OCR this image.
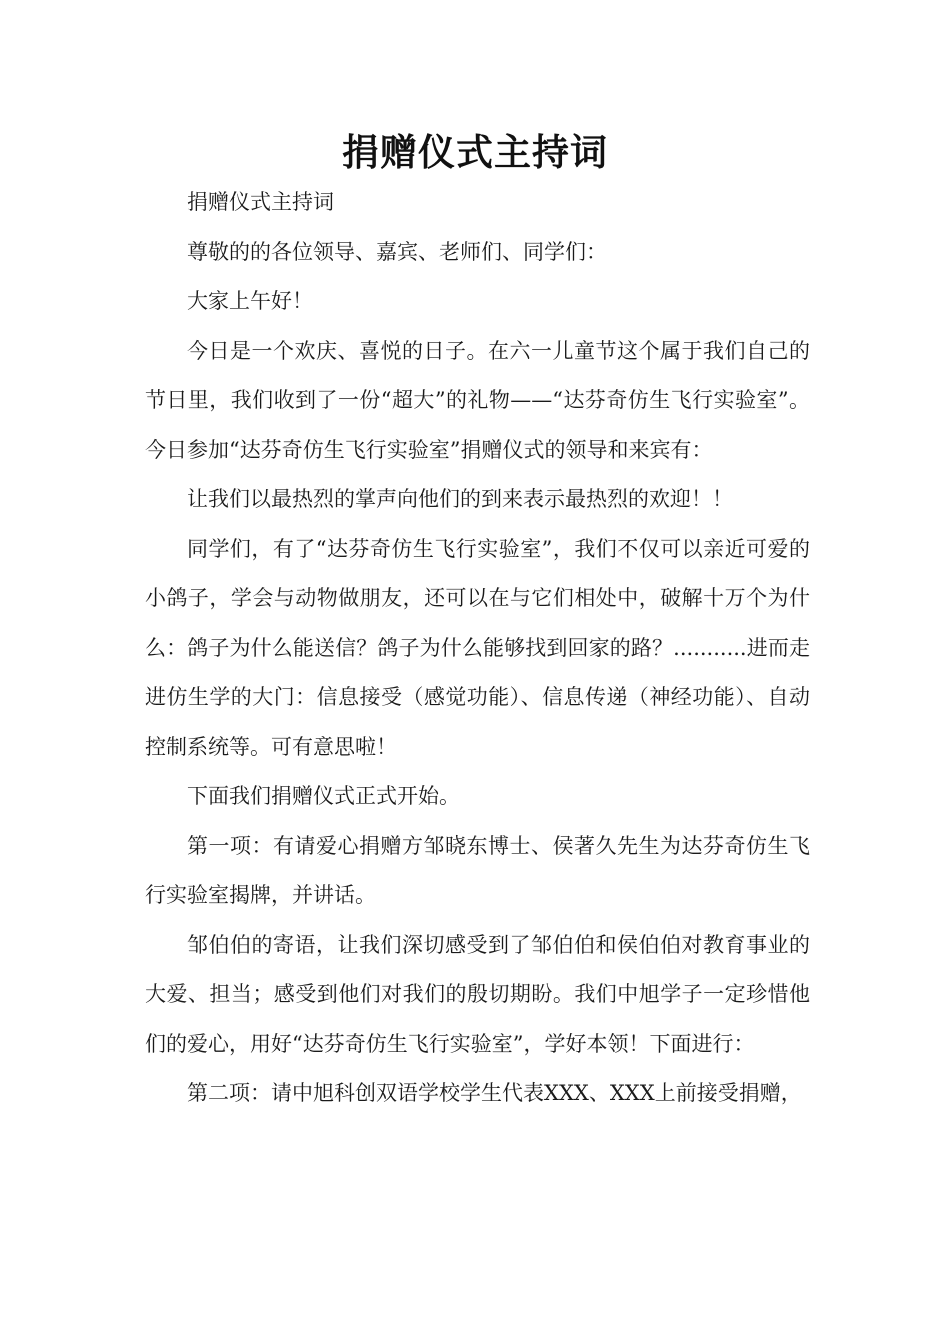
捐赠仪式主持词

捐赠仪式主持词

尊敬的的各位领导、嘉宾、老师们、同学们：

大家上午好！

今日是一个欢庆、喜悦的日子。在六一儿童节这个属于我们自己的节日里，我们收到了一份“超大”的礼物——“达芬奇仿生飞行实验室”。今日参加“达芬奇仿生飞行实验室”捐赠仪式的领导和来宾有：

让我们以最热烈的掌声向他们的到来表示最热烈的欢迎！！

同学们，有了“达芬奇仿生飞行实验室”，我们不仅可以亲近可爱的小鸽子，学会与动物做朋友，还可以在与它们相处中，破解十万个为什么：鸽子为什么能送信？鸽子为什么能够找到回家的路？...........进而走进仿生学的大门：信息接受（感觉功能）、信息传递（神经功能）、自动控制系统等。可有意思啦！

下面我们捐赠仪式正式开始。

第一项：有请爱心捐赠方邹晓东博士、侯著久先生为达芬奇仿生飞行实验室揭牌，并讲话。

邹伯伯的寄语，让我们深切感受到了邹伯伯和侯伯伯对教育事业的大爱、担当；感受到他们对我们的殷切期盼。我们中旭学子一定珍惜他们的爱心，用好“达芬奇仿生飞行实验室”，学好本领！下面进行：

第二项：请中旭科创双语学校学生代表XXX、XXX上前接受捐赠，
